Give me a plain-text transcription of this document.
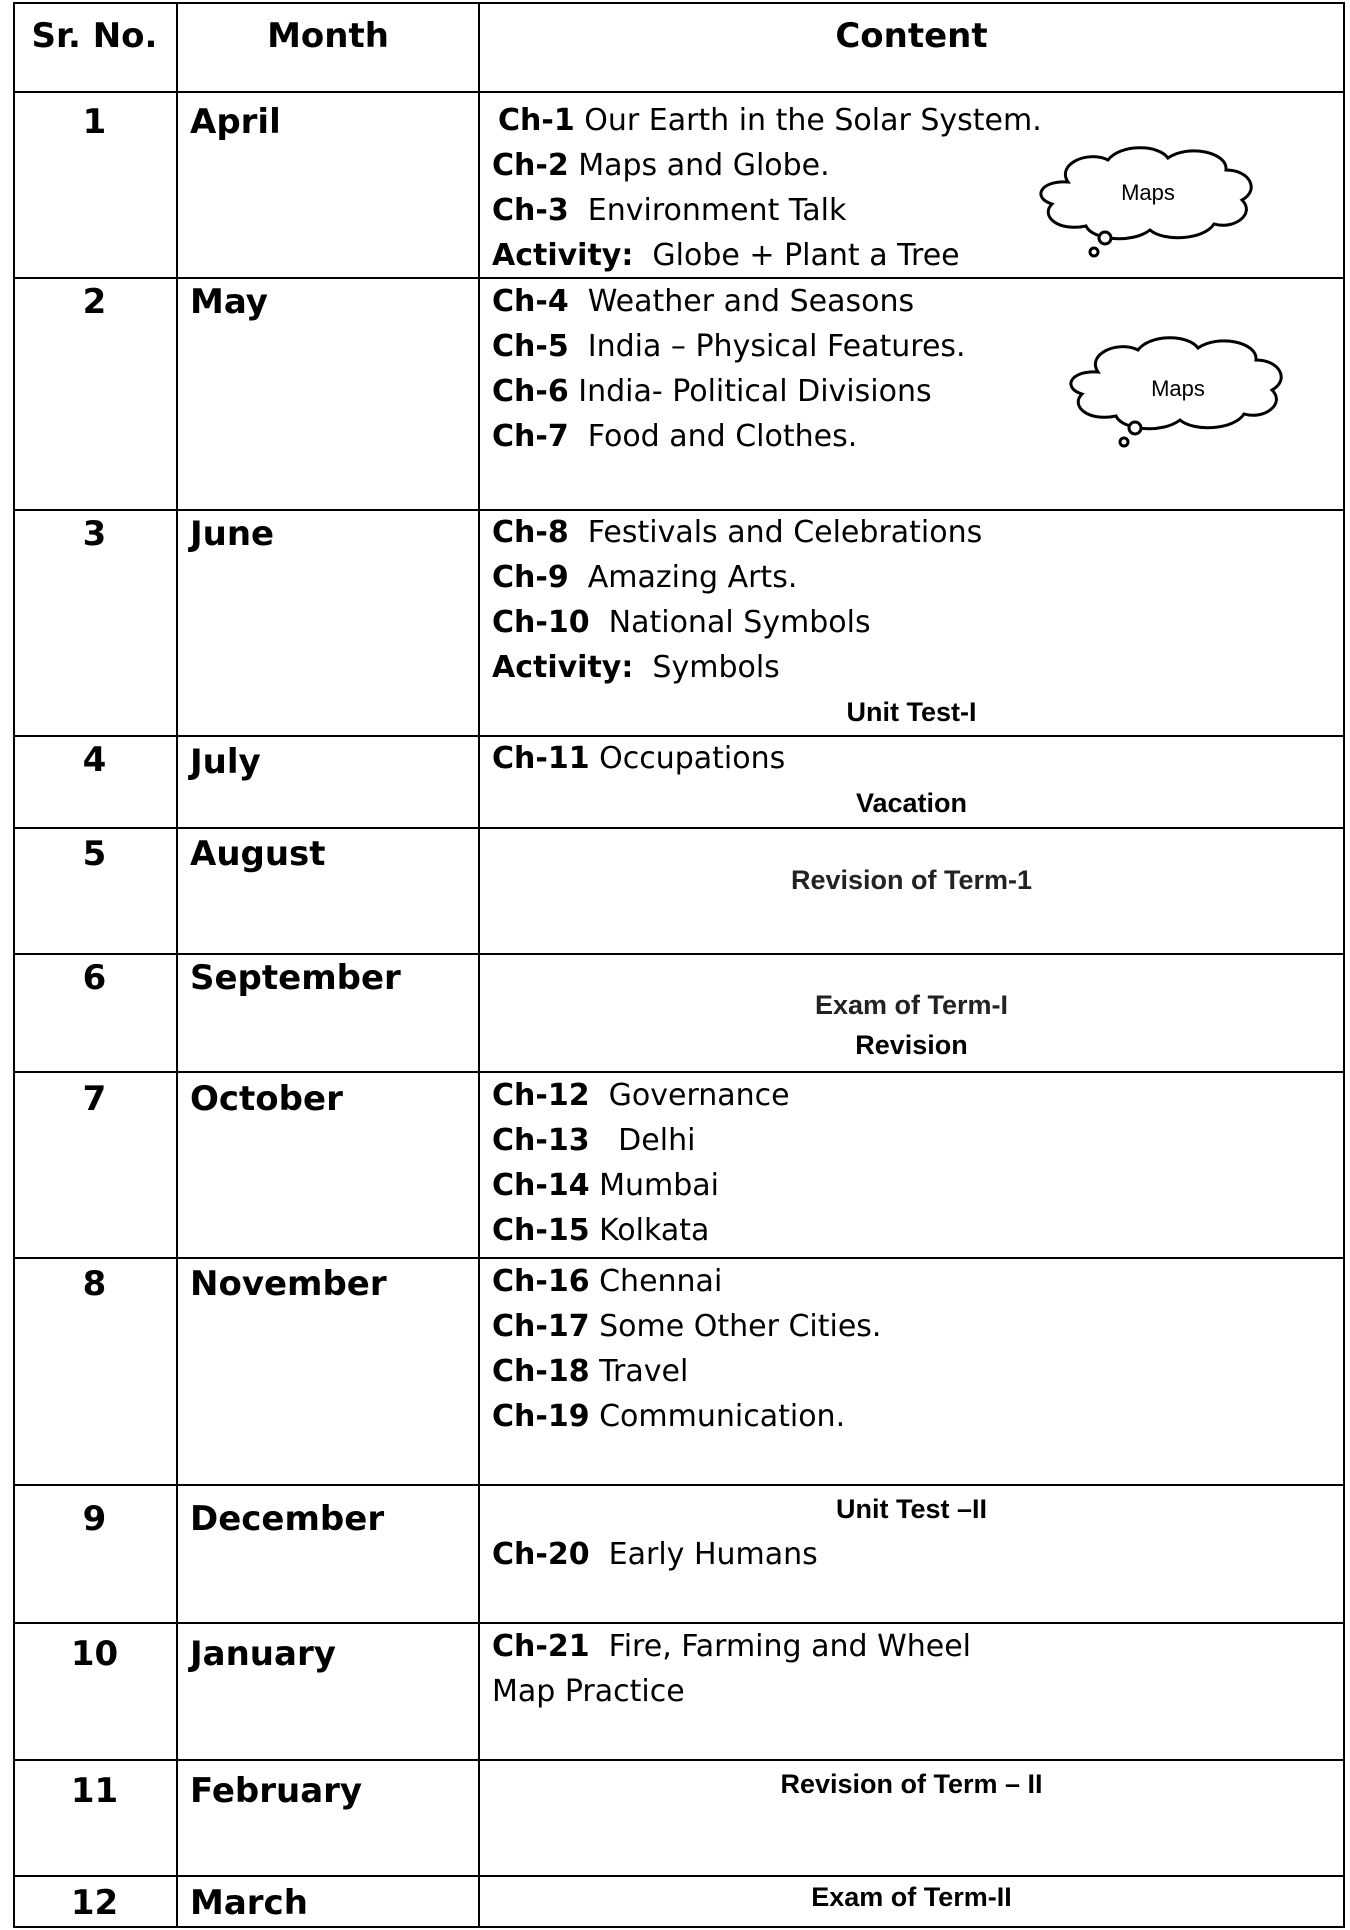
Sr. No.	Month	Content
1	April	Ch-1 Our Earth in the Solar System.
Ch-2 Maps and Globe.
Ch-3  Environment Talk
Activity:  Globe + Plant a Tree
Maps
2	May	Ch-4  Weather and Seasons
Ch-5  India – Physical Features.
Ch-6 India- Political Divisions
Ch-7  Food and Clothes.
Maps
3	June	Ch-8  Festivals and Celebrations
Ch-9  Amazing Arts.
Ch-10  National Symbols
Activity:  Symbols
Unit Test-I
4	July	Ch-11 Occupations
Vacation
5	August
Revision of Term-1
6	September
Exam of Term-I
Revision
7	October	Ch-12  Governance
Ch-13   Delhi
Ch-14 Mumbai
Ch-15 Kolkata
8	November	Ch-16 Chennai
Ch-17 Some Other Cities.
Ch-18 Travel
Ch-19 Communication.
9	December	Unit Test –II
Ch-20  Early Humans
10	January	Ch-21  Fire, Farming and Wheel
Map Practice
11	February	Revision of Term – II
12	March	Exam of Term-II
